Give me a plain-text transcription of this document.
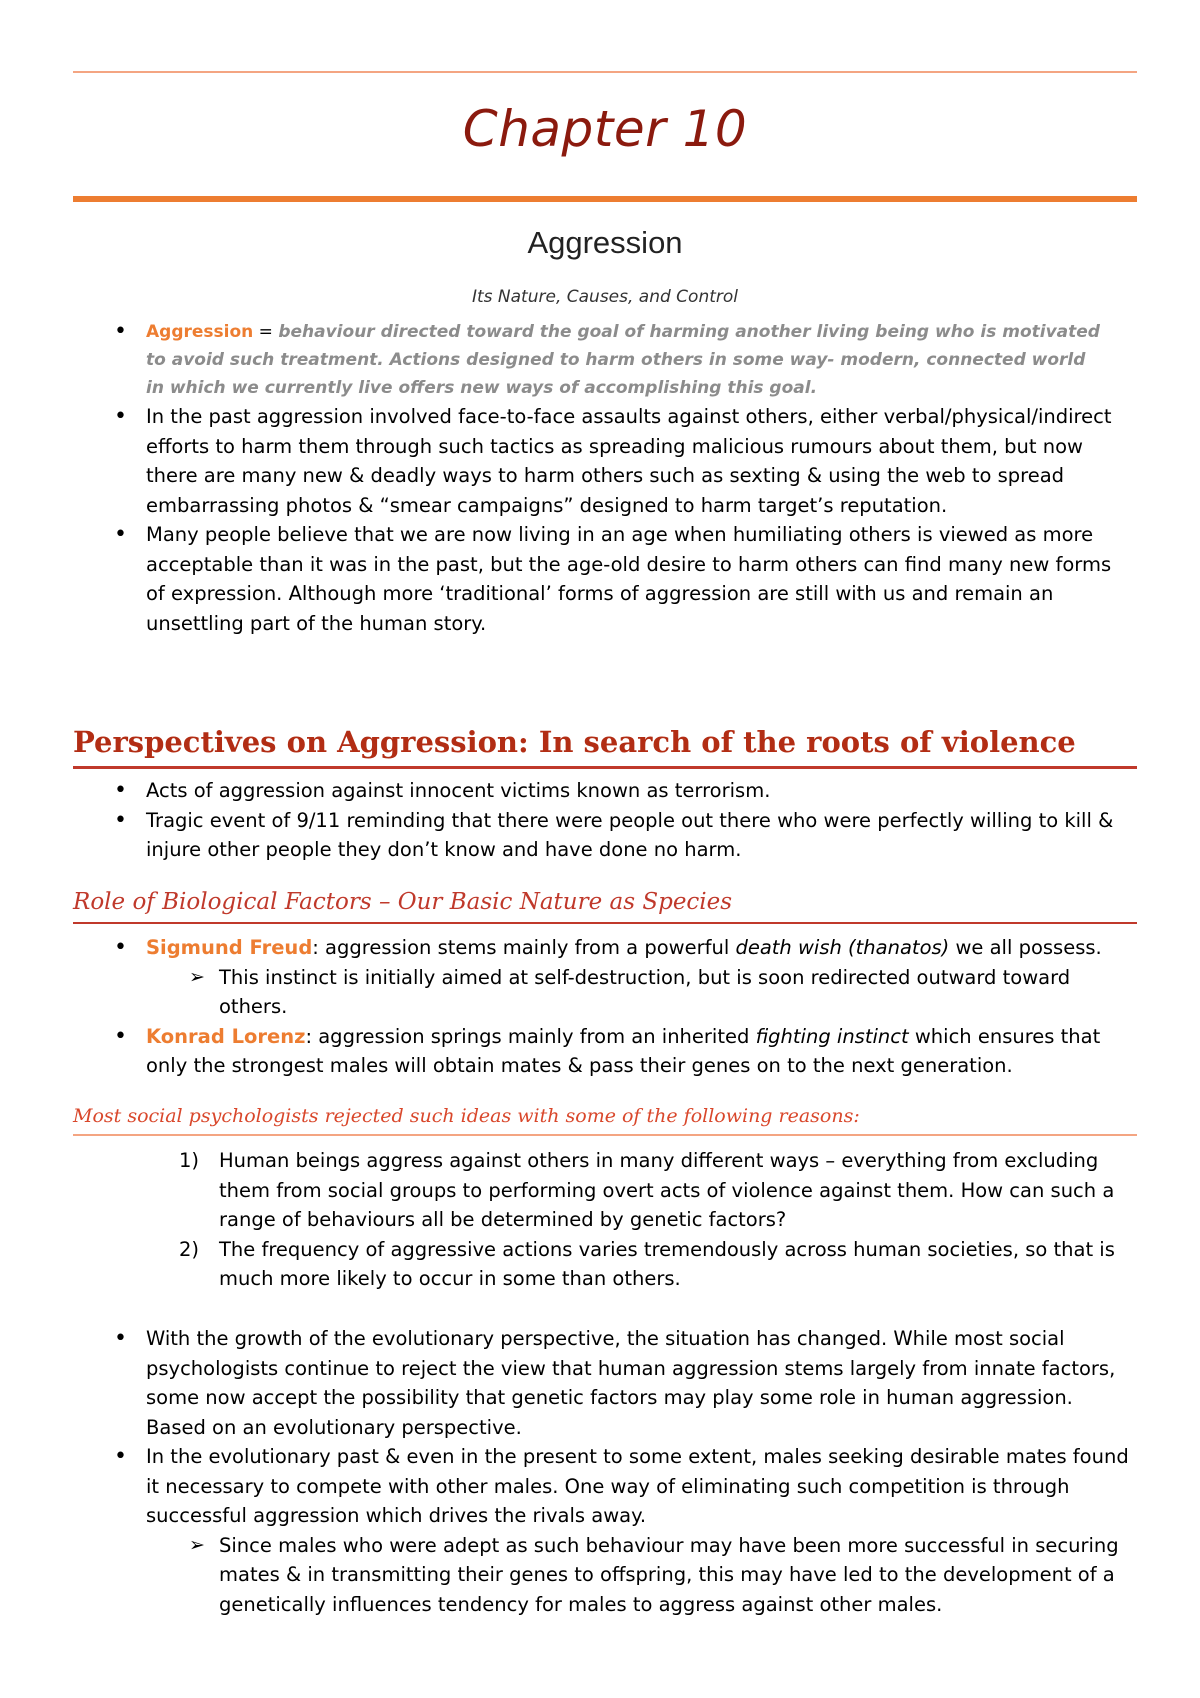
Chapter 10
Aggression
Its Nature, Causes, and Control
• Aggression = behaviour directed toward the goal of harming another living being who is motivated to avoid such treatment. Actions designed to harm others in some way- modern, connected world in which we currently live offers new ways of accomplishing this goal.
• In the past aggression involved face-to-face assaults against others, either verbal/physical/indirect efforts to harm them through such tactics as spreading malicious rumours about them, but now there are many new & deadly ways to harm others such as sexting & using the web to spread embarrassing photos & “smear campaigns” designed to harm target’s reputation.
• Many people believe that we are now living in an age when humiliating others is viewed as more acceptable than it was in the past, but the age-old desire to harm others can find many new forms of expression. Although more ‘traditional’ forms of aggression are still with us and remain an unsettling part of the human story.
Perspectives on Aggression: In search of the roots of violence
• Acts of aggression against innocent victims known as terrorism.
• Tragic event of 9/11 reminding that there were people out there who were perfectly willing to kill & injure other people they don’t know and have done no harm.
Role of Biological Factors – Our Basic Nature as Species
• Sigmund Freud: aggression stems mainly from a powerful death wish (thanatos) we all possess.
➢ This instinct is initially aimed at self-destruction, but is soon redirected outward toward others.
• Konrad Lorenz: aggression springs mainly from an inherited fighting instinct which ensures that only the strongest males will obtain mates & pass their genes on to the next generation.
Most social psychologists rejected such ideas with some of the following reasons:
1) Human beings aggress against others in many different ways – everything from excluding them from social groups to performing overt acts of violence against them. How can such a range of behaviours all be determined by genetic factors?
2) The frequency of aggressive actions varies tremendously across human societies, so that is much more likely to occur in some than others.
• With the growth of the evolutionary perspective, the situation has changed. While most social psychologists continue to reject the view that human aggression stems largely from innate factors, some now accept the possibility that genetic factors may play some role in human aggression. Based on an evolutionary perspective.
• In the evolutionary past & even in the present to some extent, males seeking desirable mates found it necessary to compete with other males. One way of eliminating such competition is through successful aggression which drives the rivals away.
➢ Since males who were adept as such behaviour may have been more successful in securing mates & in transmitting their genes to offspring, this may have led to the development of a genetically influences tendency for males to aggress against other males.
